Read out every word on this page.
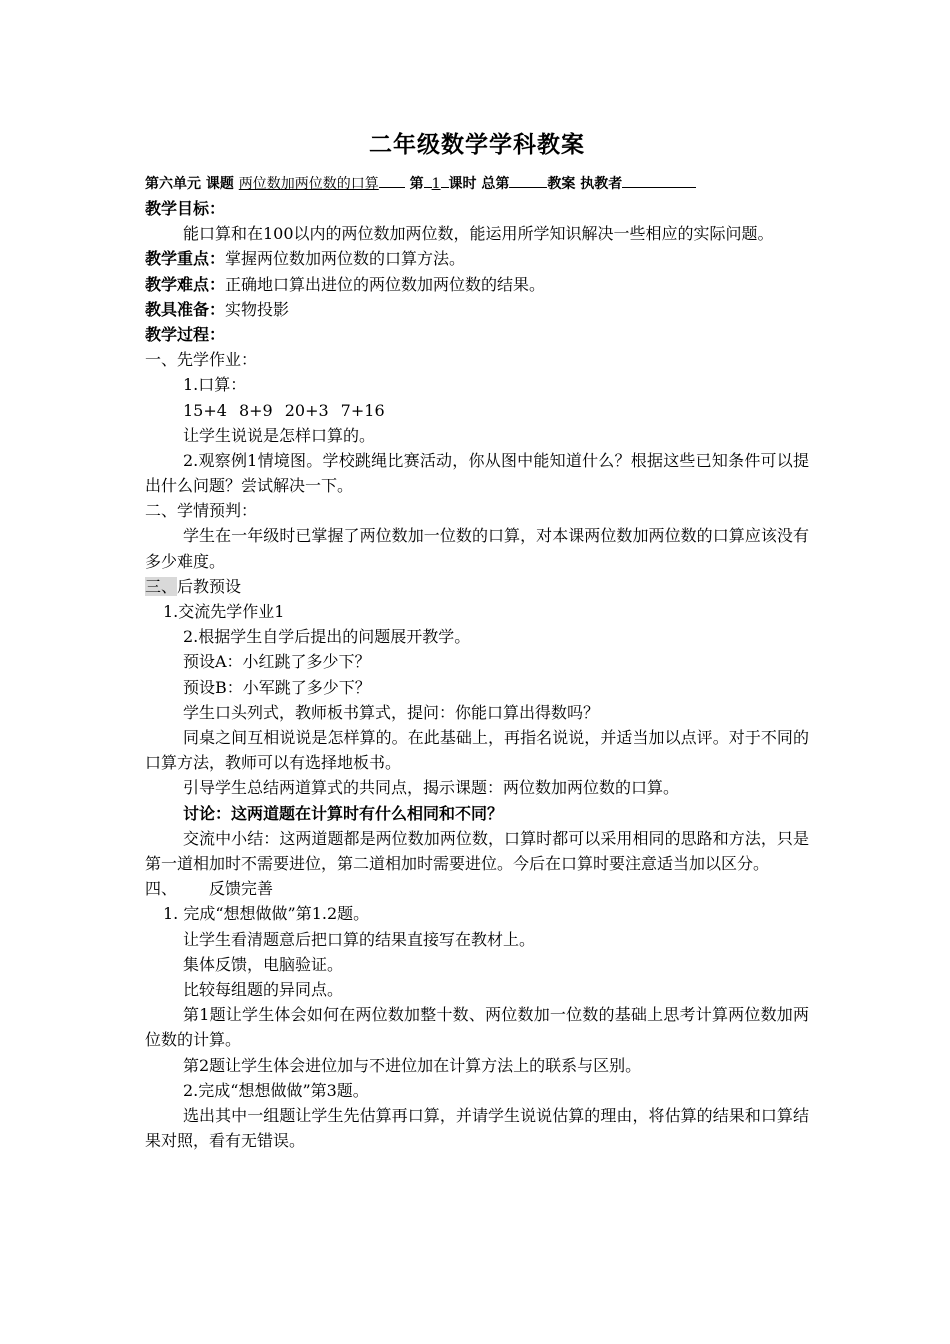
二年级数学学科教案
第六单元 课题 两位数加两位数的口算 第 1 课时 总第	教案 执教者
教学目标：
能口算和在100以内的两位数加两位数，能运用所学知识解决一些相应的实际问题。
教学重点：掌握两位数加两位数的口算方法。
教学难点：正确地口算出进位的两位数加两位数的结果。
教具准备：实物投影
教学过程：
一、先学作业：
1.口算：
15+4 8+9 20+3 7+16
让学生说说是怎样口算的。
2.观察例1情境图。学校跳绳比赛活动，你从图中能知道什么？根据这些已知条件可以提出什么问题？尝试解决一下。
二、学情预判：
学生在一年级时已掌握了两位数加一位数的口算，对本课两位数加两位数的口算应该没有多少难度。
三、后教预设
1.交流先学作业1
2.根据学生自学后提出的问题展开教学。
预设A：小红跳了多少下？
预设B：小军跳了多少下？
学生口头列式，教师板书算式，提问：你能口算出得数吗？
同桌之间互相说说是怎样算的。在此基础上，再指名说说，并适当加以点评。对于不同的口算方法，教师可以有选择地板书。
引导学生总结两道算式的共同点，揭示课题：两位数加两位数的口算。
讨论：这两道题在计算时有什么相同和不同？
交流中小结：这两道题都是两位数加两位数，口算时都可以采用相同的思路和方法，只是第一道相加时不需要进位，第二道相加时需要进位。今后在口算时要注意适当加以区分。
四、 反馈完善
1. 完成“想想做做”第1.2题。
让学生看清题意后把口算的结果直接写在教材上。
集体反馈，电脑验证。
比较每组题的异同点。
第1题让学生体会如何在两位数加整十数、两位数加一位数的基础上思考计算两位数加两位数的计算。
第2题让学生体会进位加与不进位加在计算方法上的联系与区别。
2.完成“想想做做”第3题。
选出其中一组题让学生先估算再口算，并请学生说说估算的理由，将估算的结果和口算结果对照，看有无错误。
